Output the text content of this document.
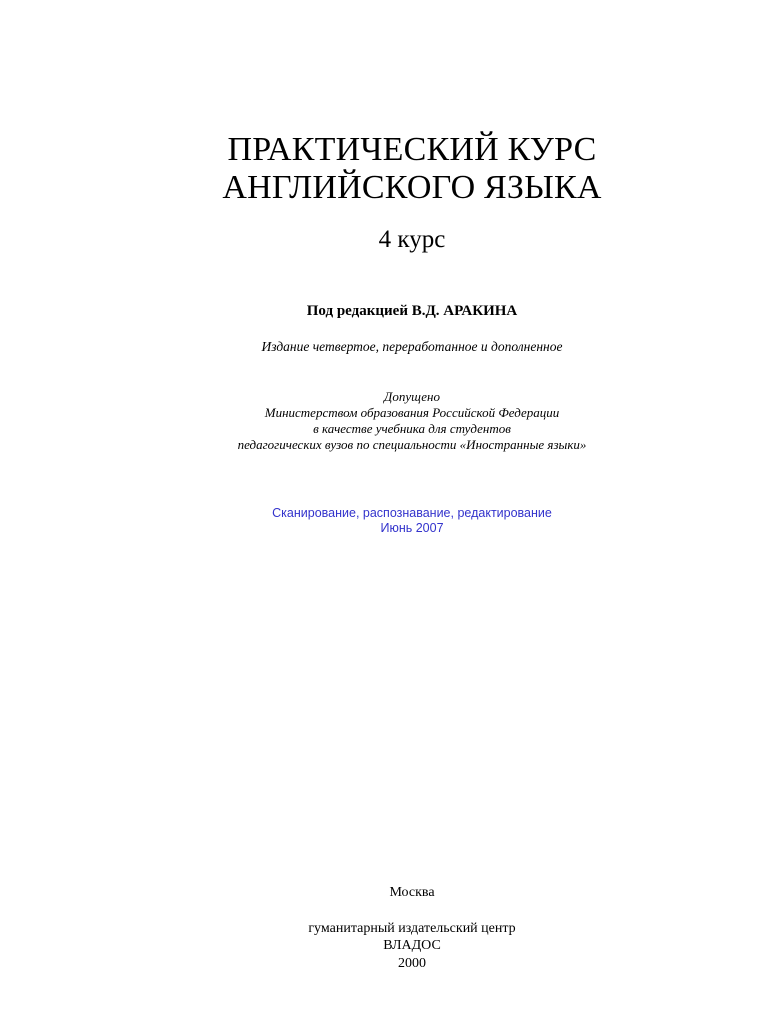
ПРАКТИЧЕСКИЙ КУРС

АНГЛИЙСКОГО ЯЗЫКА

4 курс

Под редакцией В.Д. АРАКИНА

Издание четвертое, переработанное и дополненное

Допущено

Министерством образования Российской Федерации

в качестве учебника для студентов

педагогических вузов по специальности «Иностранные языки»

Сканирование, распознавание, редактирование

Июнь 2007

Москва

гуманитарный издательский центр

ВЛАДОС

2000
